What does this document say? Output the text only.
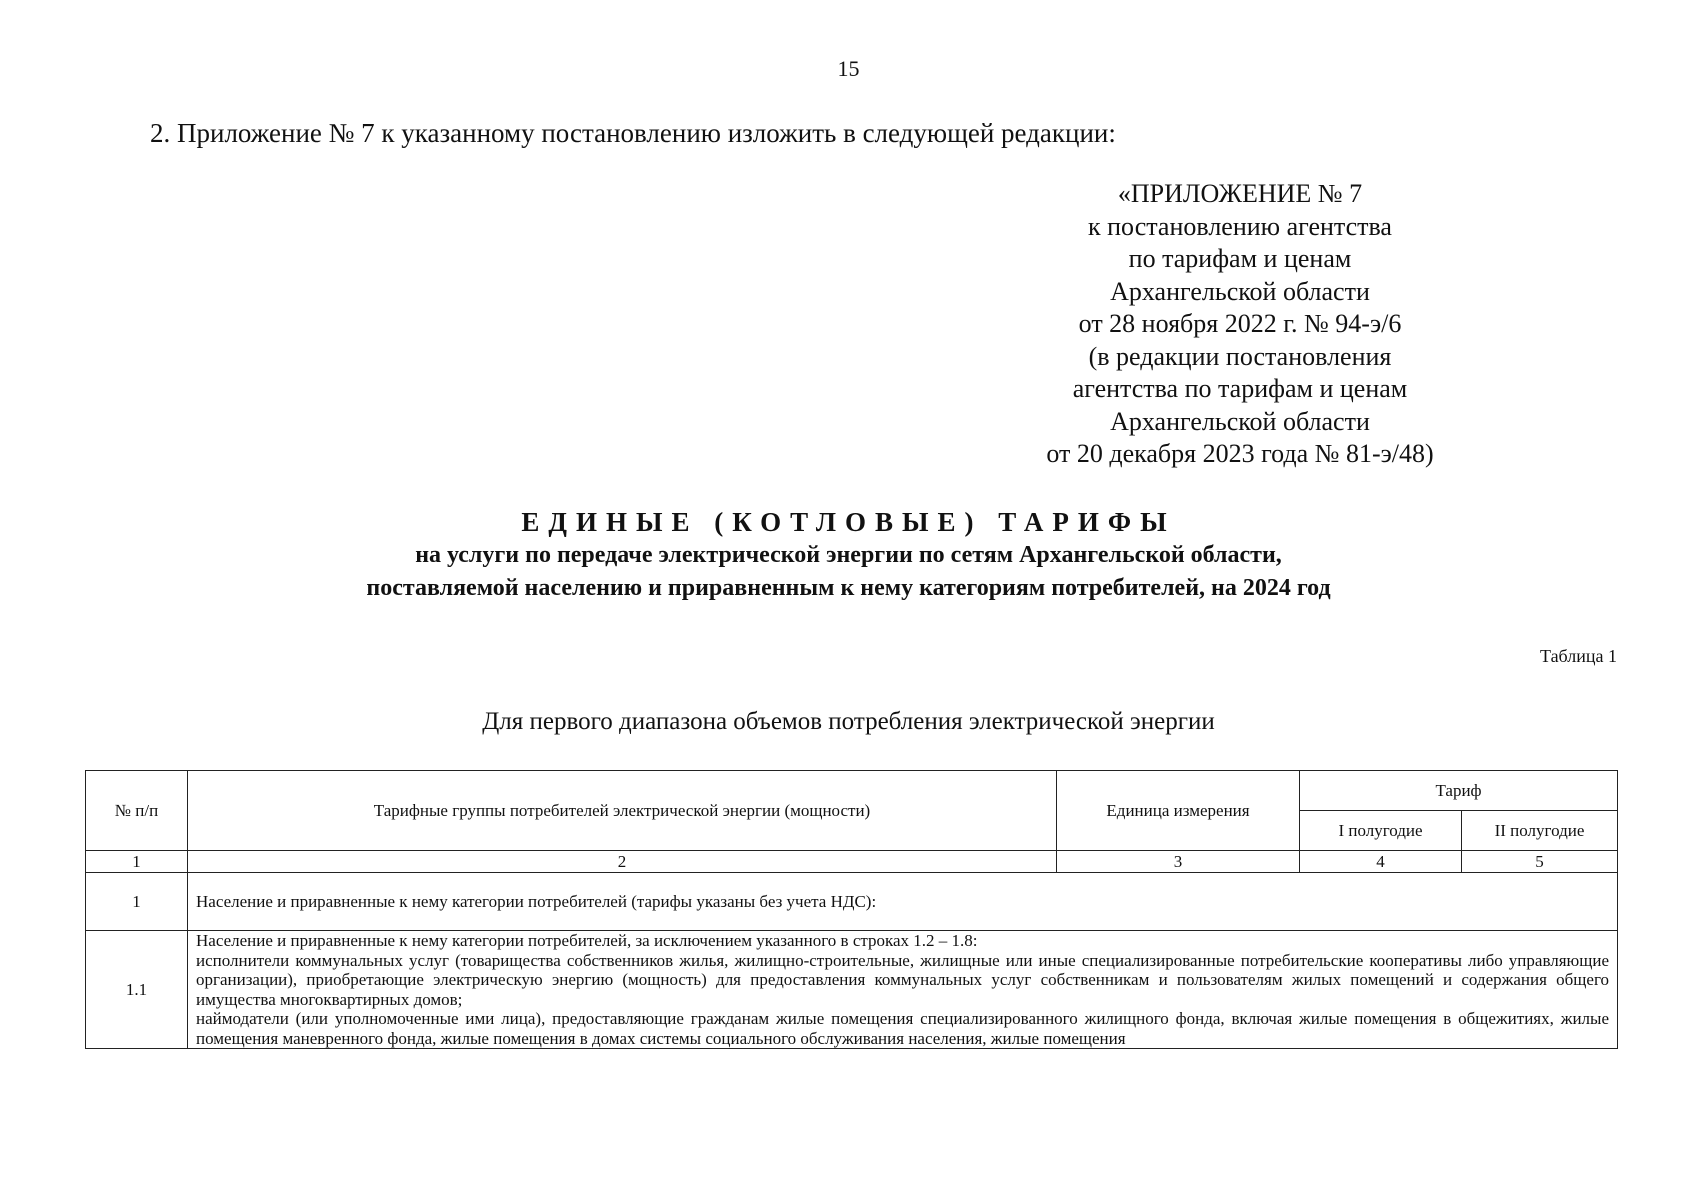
15
2. Приложение № 7 к указанному постановлению изложить в следующей редакции:
«ПРИЛОЖЕНИЕ № 7
к постановлению агентства
по тарифам и ценам
Архангельской области
от 28 ноября 2022 г. № 94-э/6
(в редакции постановления
агентства по тарифам и ценам
Архангельской области
от 20 декабря 2023 года № 81-э/48)
ЕДИНЫЕ (КОТЛОВЫЕ) ТАРИФЫ
на услуги по передаче электрической энергии по сетям Архангельской области,
поставляемой населению и приравненным к нему категориям потребителей, на 2024 год
Таблица 1
Для первого диапазона объемов потребления электрической энергии
№ п/п	Тарифные группы потребителей электрической энергии (мощности)	Единица измерения	Тариф	
			I полугодие	II полугодие
1	2	3	4	5
1	Население и приравненные к нему категории потребителей (тарифы указаны без учета НДС):			
1.1	Население и приравненные к нему категории потребителей, за исключением указанного в строках 1.2 – 1.8:
исполнители коммунальных услуг (товарищества собственников жилья, жилищно-строительные, жилищные или иные специализированные потребительские кооперативы либо управляющие организации), приобретающие электрическую энергию (мощность) для предоставления коммунальных услуг собственникам и пользователям жилых помещений и содержания общего имущества многоквартирных домов;
наймодатели (или уполномоченные ими лица), предоставляющие гражданам жилые помещения специализированного жилищного фонда, включая жилые помещения в общежитиях, жилые помещения маневренного фонда, жилые помещения в домах системы социального обслуживания населения, жилые помещения			
